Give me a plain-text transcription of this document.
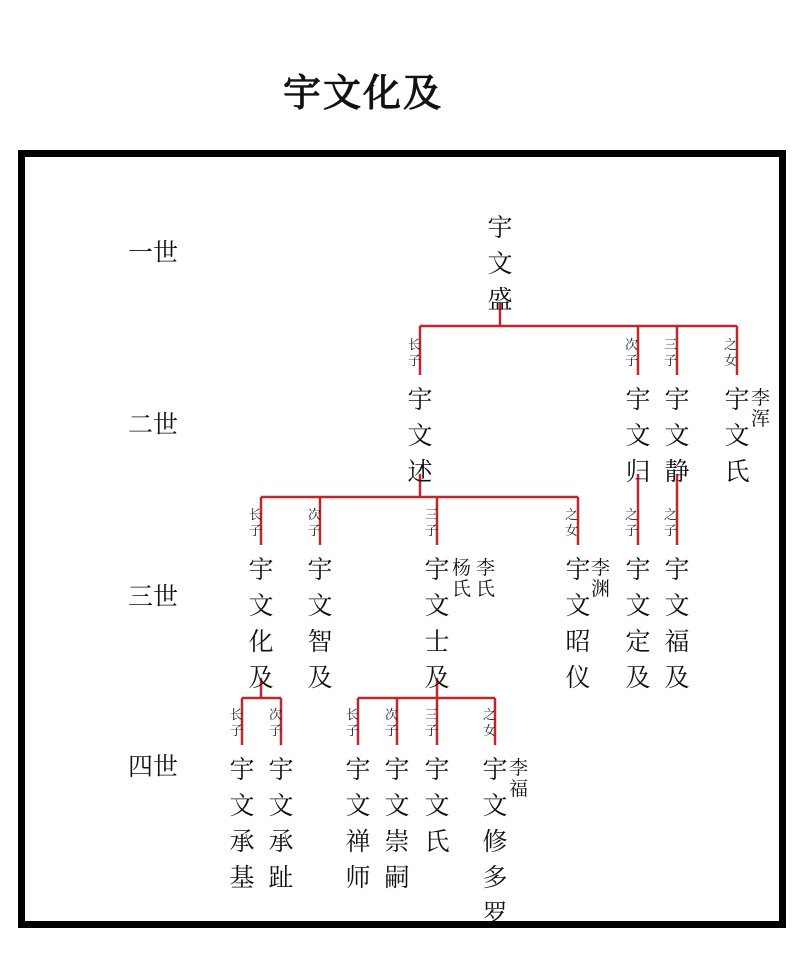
宇文化及
一世
二世
三世
四世
宇文盛
长子
次子
三子
之女
宇文述
宇文归
宇文静
宇文氏
李浑
长子
次子
三子
之女
之子
之子
宇文化及
宇文智及
宇文士及
杨氏
李氏
宇文昭仪
李渊
宇文定及
宇文福及
长子
次子
长子
次子
三子
之女
宇文承基
宇文承趾
宇文禅师
宇文崇嗣
宇文氏
宇文修多罗
李福
